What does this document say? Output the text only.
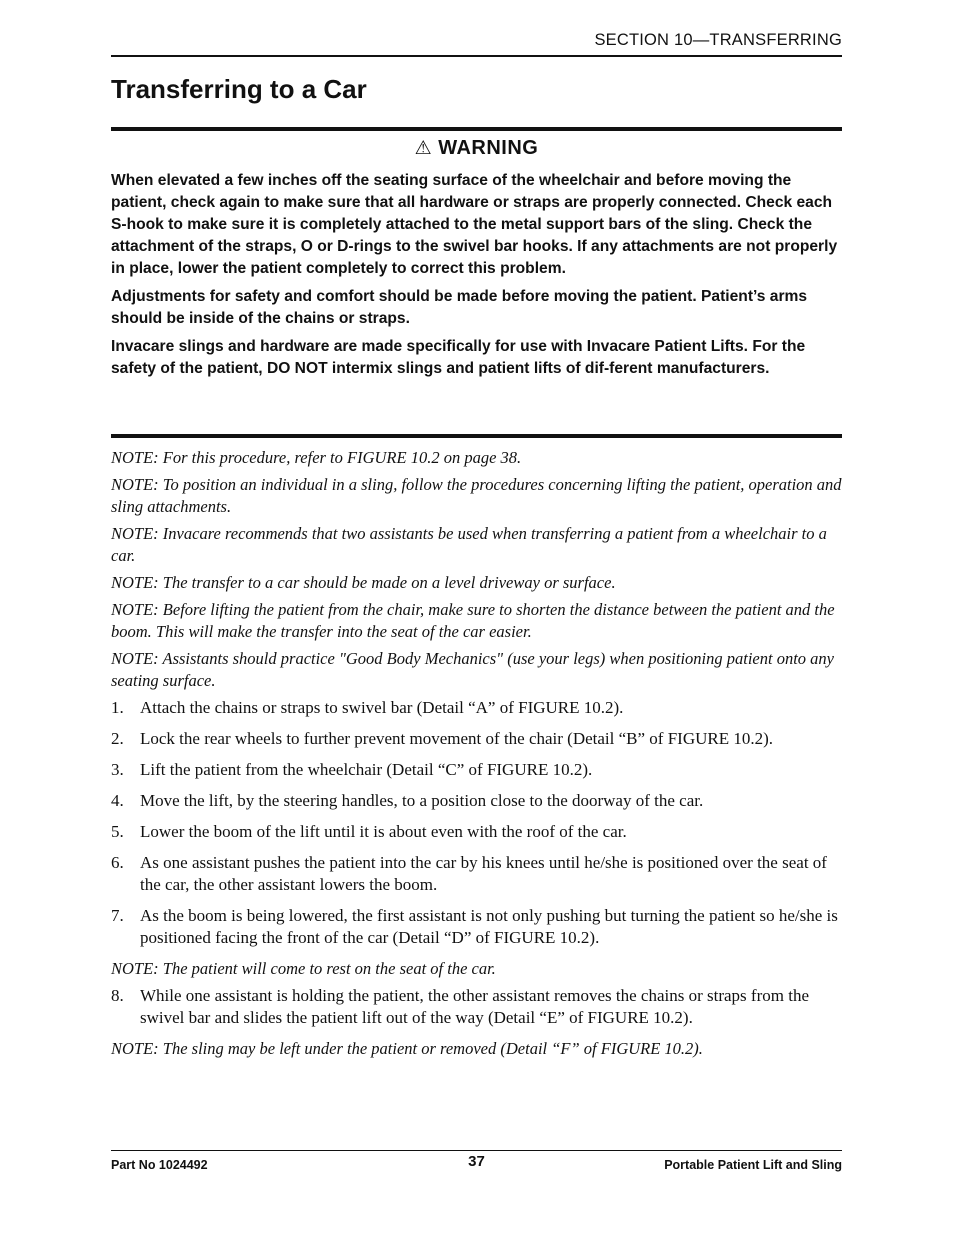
SECTION 10—TRANSFERRING
Transferring to a Car
⚠ WARNING

When elevated a few inches off the seating surface of the wheelchair and before moving the patient, check again to make sure that all hardware or straps are properly connected. Check each S-hook to make sure it is completely attached to the metal support bars of the sling. Check the attachment of the straps, O or D-rings to the swivel bar hooks. If any attachments are not properly in place, lower the patient completely to correct this problem.

Adjustments for safety and comfort should be made before moving the patient. Patient’s arms should be inside of the chains or straps.

Invacare slings and hardware are made specifically for use with Invacare Patient Lifts. For the safety of the patient, DO NOT intermix slings and patient lifts of dif-ferent manufacturers.

NOTE: For this procedure, refer to FIGURE 10.2 on page 38.

NOTE: To position an individual in a sling, follow the procedures concerning lifting the patient, operation and sling attachments.

NOTE: Invacare recommends that two assistants be used when transferring a patient from a wheelchair to a car.

NOTE: The transfer to a car should be made on a level driveway or surface.

NOTE: Before lifting the patient from the chair, make sure to shorten the distance between the patient and the boom. This will make the transfer into the seat of the car easier.

NOTE: Assistants should practice "Good Body Mechanics" (use your legs) when positioning patient onto any seating surface.

1. Attach the chains or straps to swivel bar (Detail “A” of FIGURE 10.2).
2. Lock the rear wheels to further prevent movement of the chair (Detail “B” of FIGURE 10.2).
3. Lift the patient from the wheelchair (Detail “C” of FIGURE 10.2).
4. Move the lift, by the steering handles, to a position close to the doorway of the car.
5. Lower the boom of the lift until it is about even with the roof of the car.
6. As one assistant pushes the patient into the car by his knees until he/she is positioned over the seat of the car, the other assistant lowers the boom.
7. As the boom is being lowered, the first assistant is not only pushing but turning the patient so he/she is positioned facing the front of the car (Detail “D” of FIGURE 10.2).

NOTE: The patient will come to rest on the seat of the car.

8. While one assistant is holding the patient, the other assistant removes the chains or straps from the swivel bar and slides the patient lift out of the way (Detail “E” of FIGURE 10.2).

NOTE: The sling may be left under the patient or removed (Detail “F” of FIGURE 10.2).

Part No 1024492	37	Portable Patient Lift and Sling
